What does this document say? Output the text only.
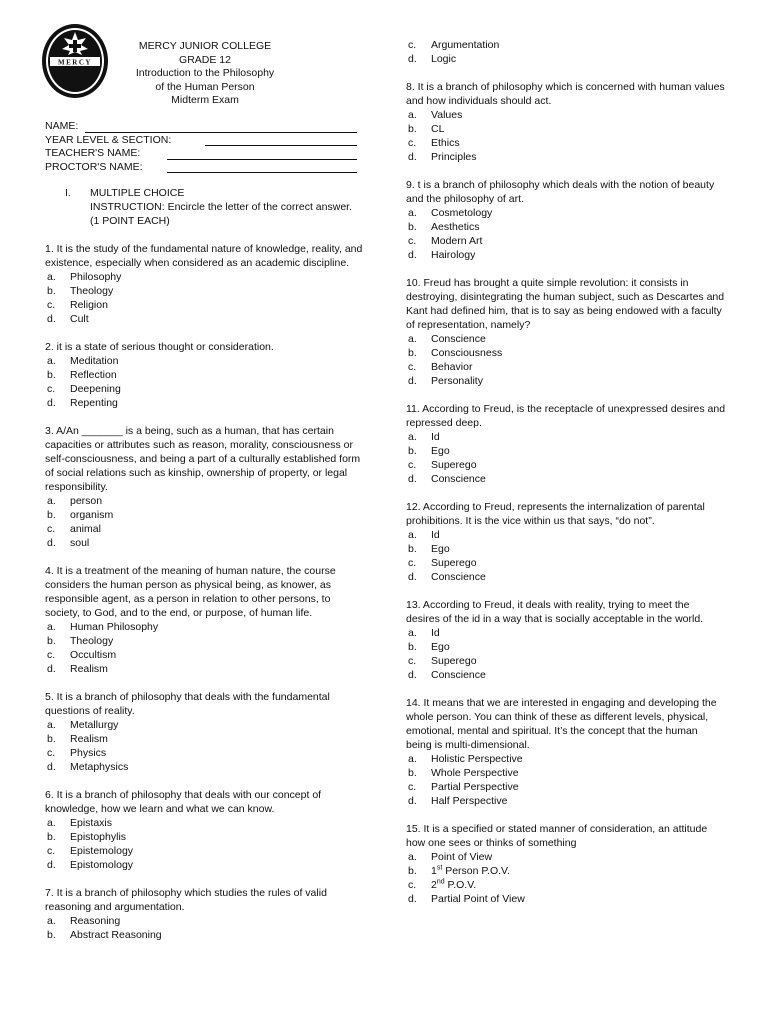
MERCY
MERCY JUNIOR COLLEGE
GRADE 12
Introduction to the Philosophy
of the Human Person
Midterm Exam
NAME:
YEAR LEVEL & SECTION:
TEACHER'S NAME:
PROCTOR'S NAME:
I. MULTIPLE CHOICE
INSTRUCTION: Encircle the letter of the correct answer. (1 POINT EACH)

1. It is the study of the fundamental nature of knowledge, reality, and existence, especially when considered as an academic discipline.

a.	Philosophy
b.	Theology
c.	Religion
d.	Cult

2. it is a state of serious thought or consideration.

a.	Meditation
b.	Reflection
c.	Deepening
d.	Repenting

3. A/An _______ is a being, such as a human, that has certain capacities or attributes such as reason, morality, consciousness or self-consciousness, and being a part of a culturally established form of social relations such as kinship, ownership of property, or legal responsibility.

a.	person
b.	organism
c.	animal
d.	soul

4. It is a treatment of the meaning of human nature, the course considers the human person as physical being, as knower, as responsible agent, as a person in relation to other persons, to society, to God, and to the end, or purpose, of human life.

a.	Human Philosophy
b.	Theology
c.	Occultism
d.	Realism

5. It is a branch of philosophy that deals with the fundamental questions of reality.

a.	Metallurgy
b.	Realism
c.	Physics
d.	Metaphysics

6. It is a branch of philosophy that deals with our concept of knowledge, how we learn and what we can know.

a.	Epistaxis
b.	Epistophylis
c.	Epistemology
d.	Epistomology

7. It is a branch of philosophy which studies the rules of valid reasoning and argumentation.

a.	Reasoning
b.	Abstract Reasoning
c.	Argumentation
d.	Logic

8. It is a branch of philosophy which is concerned with human values and how individuals should act.

a.	Values
b.	CL
c.	Ethics
d.	Principles

9. t is a branch of philosophy which deals with the notion of beauty and the philosophy of art.

a.	Cosmetology
b.	Aesthetics
c.	Modern Art
d.	Hairology

10. Freud has brought a quite simple revolution: it consists in destroying, disintegrating the human subject, such as Descartes and Kant had defined him, that is to say as being endowed with a faculty of representation, namely?

a.	Conscience
b.	Consciousness
c.	Behavior
d.	Personality

11. According to Freud, is the receptacle of unexpressed desires and repressed deep.

a.	Id
b.	Ego
c.	Superego
d.	Conscience

12. According to Freud, represents the internalization of parental prohibitions. It is the vice within us that says, “do not”.

a.	Id
b.	Ego
c.	Superego
d.	Conscience

13. According to Freud, it deals with reality, trying to meet the desires of the id in a way that is socially acceptable in the world.

a.	Id
b.	Ego
c.	Superego
d.	Conscience

14. It means that we are interested in engaging and developing the whole person. You can think of these as different levels, physical, emotional, mental and spiritual. It’s the concept that the human being is multi-dimensional.

a.	Holistic Perspective
b.	Whole Perspective
c.	Partial Perspective
d.	Half Perspective

15. It is a specified or stated manner of consideration, an attitude how one sees or thinks of something

a.	Point of View
b.	1st Person P.O.V.
c.	2nd P.O.V.
d.	Partial Point of View
